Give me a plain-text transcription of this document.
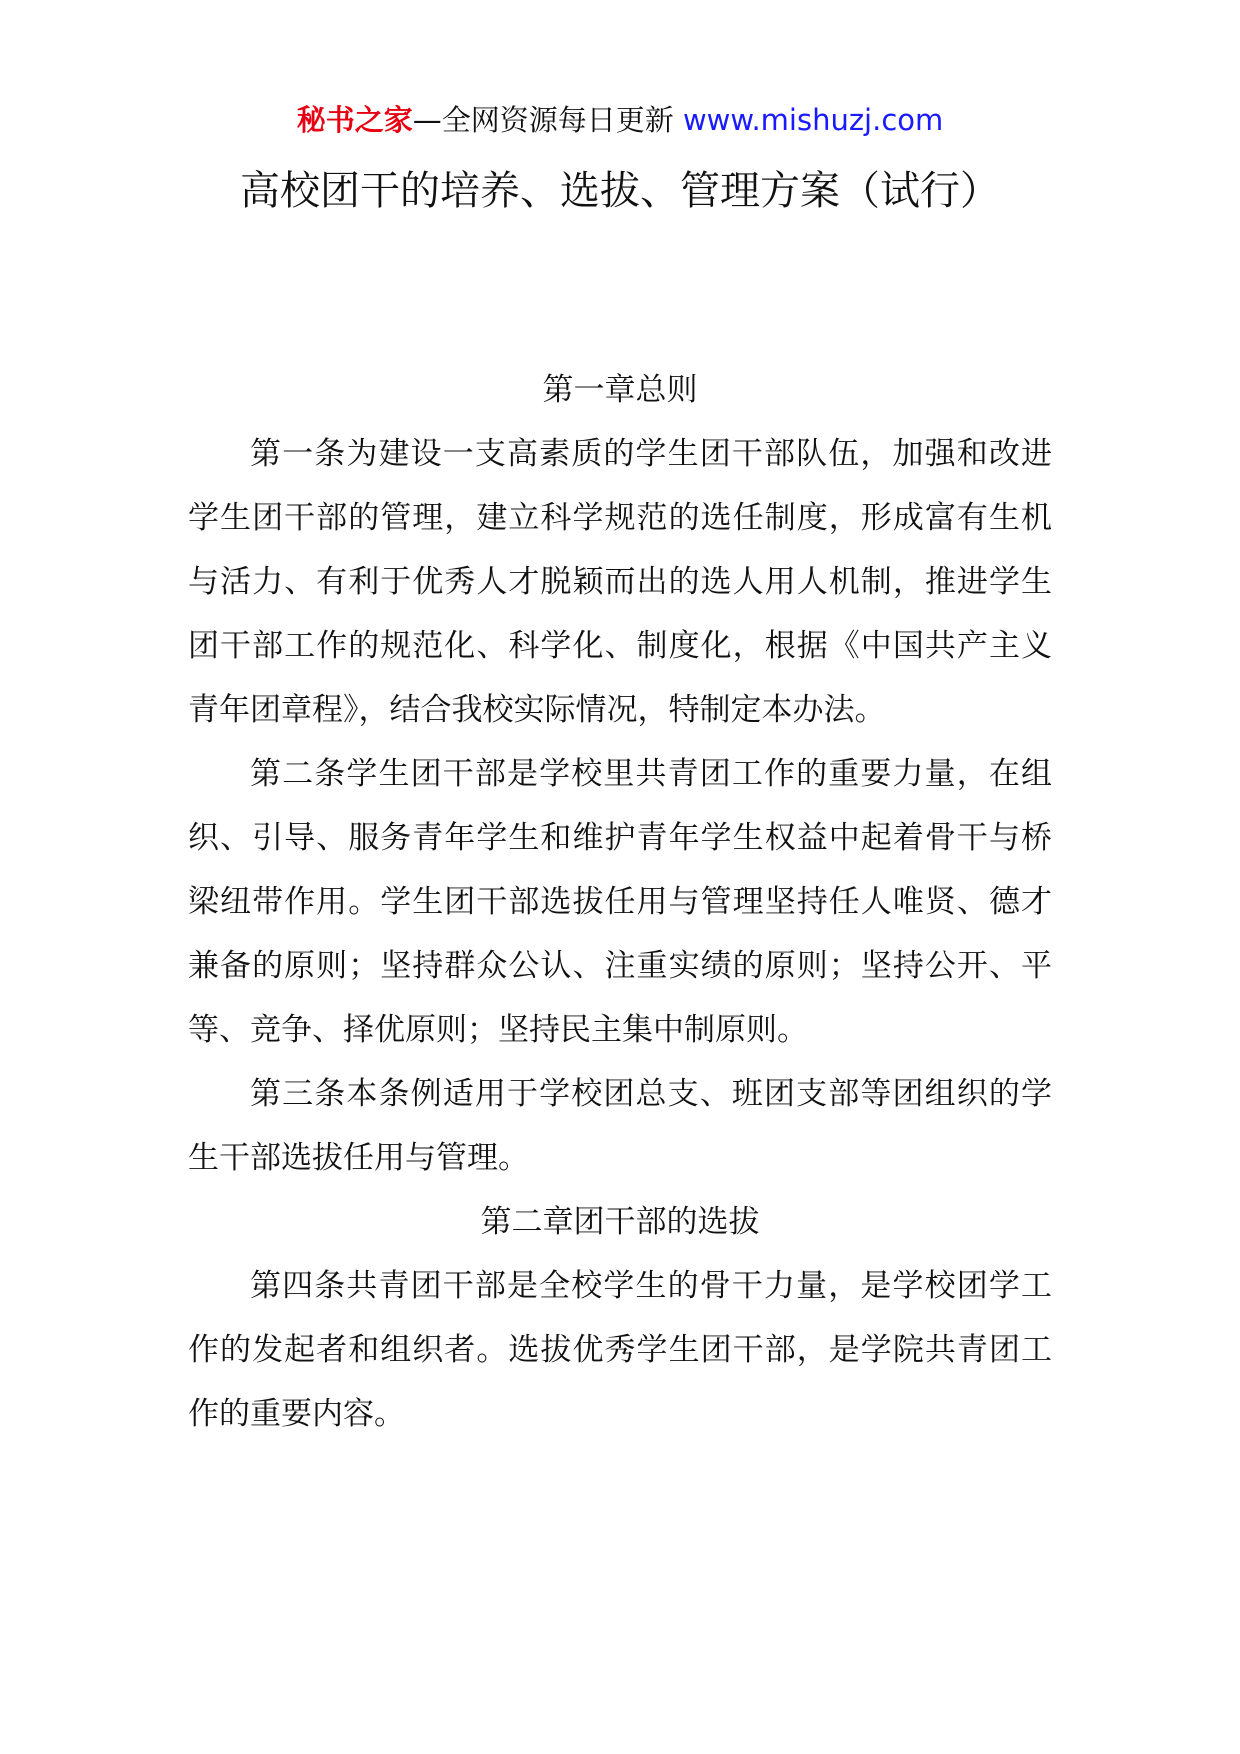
秘书之家—全网资源每日更新 www.mishuzj.com
高校团干的培养、选拔、管理方案（试行）

第一章总则

第一条为建设一支高素质的学生团干部队伍，加强和改进学生团干部的管理，建立科学规范的选任制度，形成富有生机与活力、有利于优秀人才脱颖而出的选人用人机制，推进学生团干部工作的规范化、科学化、制度化，根据《中国共产主义青年团章程》，结合我校实际情况，特制定本办法。

第二条学生团干部是学校里共青团工作的重要力量，在组织、引导、服务青年学生和维护青年学生权益中起着骨干与桥梁纽带作用。学生团干部选拔任用与管理坚持任人唯贤、德才兼备的原则；坚持群众公认、注重实绩的原则；坚持公开、平等、竞争、择优原则；坚持民主集中制原则。

第三条本条例适用于学校团总支、班团支部等团组织的学生干部选拔任用与管理。

第二章团干部的选拔

第四条共青团干部是全校学生的骨干力量，是学校团学工作的发起者和组织者。选拔优秀学生团干部，是学院共青团工作的重要内容。
